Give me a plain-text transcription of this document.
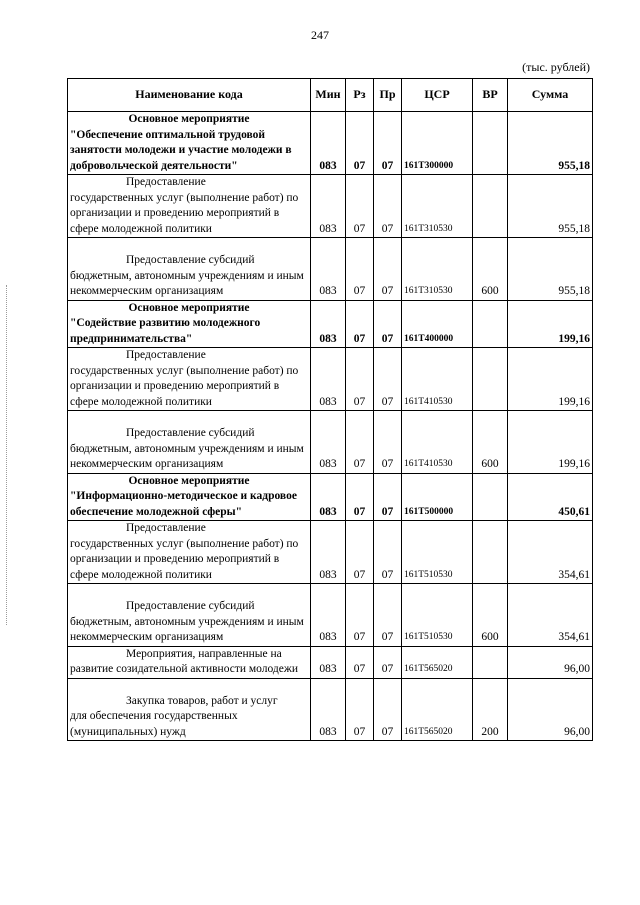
247
(тыс. рублей)
Наименование кода	Мин	Рз	Пр	ЦСР	ВР	Сумма

Основное мероприятие
"Обеспечение оптимальной трудовой занятости молодежи и участие молодежи в добровольческой деятельности"	083	07	07	161Т300000		955,18

Предоставление
государственных услуг (выполнение работ) по организации и проведению мероприятий в сфере молодежной политики	083	07	07	161Т310530		955,18

Предоставление субсидий
бюджетным, автономным учреждениям и иным некоммерческим организациям	083	07	07	161Т310530	600	955,18

Основное мероприятие
"Содействие развитию молодежного предпринимательства"	083	07	07	161Т400000		199,16

Предоставление
государственных услуг (выполнение работ) по организации и проведению мероприятий в сфере молодежной политики	083	07	07	161Т410530		199,16

Предоставление субсидий
бюджетным, автономным учреждениям и иным некоммерческим организациям	083	07	07	161Т410530	600	199,16

Основное мероприятие
"Информационно-методическое и кадровое обеспечение молодежной сферы"	083	07	07	161Т500000		450,61

Предоставление
государственных услуг (выполнение работ) по организации и проведению мероприятий в сфере молодежной политики	083	07	07	161Т510530		354,61

Предоставление субсидий
бюджетным, автономным учреждениям и иным некоммерческим организациям	083	07	07	161Т510530	600	354,61

Мероприятия, направленные на
развитие созидательной активности молодежи	083	07	07	161Т565020		96,00

Закупка товаров, работ и услуг
для обеспечения государственных (муниципальных) нужд	083	07	07	161Т565020	200	96,00
